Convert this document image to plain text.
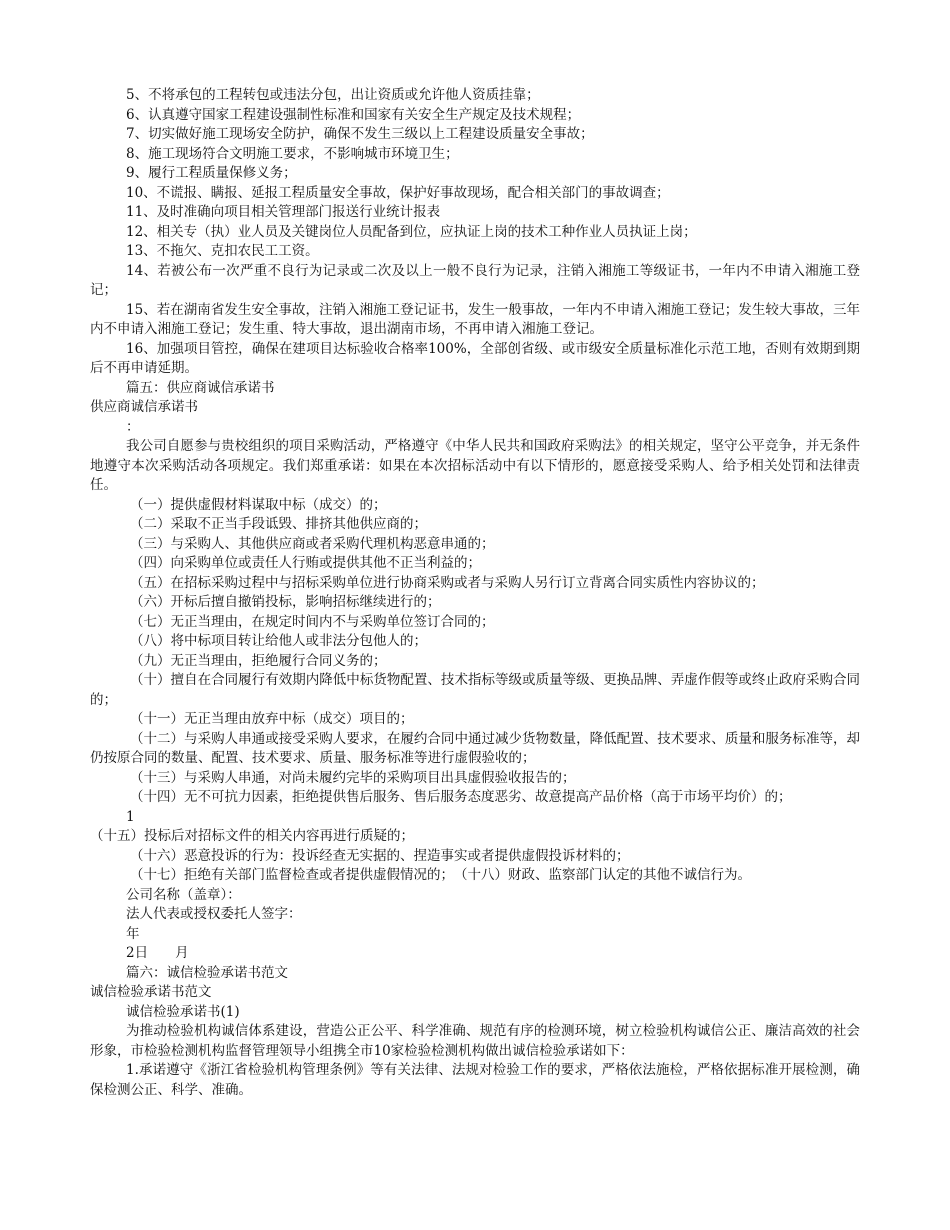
5、不将承包的工程转包或违法分包，出让资质或允许他人资质挂靠；

6、认真遵守国家工程建设强制性标准和国家有关安全生产规定及技术规程；

7、切实做好施工现场安全防护，确保不发生三级以上工程建设质量安全事故；

8、施工现场符合文明施工要求，不影响城市环境卫生；

9、履行工程质量保修义务；

10、不谎报、瞒报、延报工程质量安全事故，保护好事故现场，配合相关部门的事故调查；

11、及时准确向项目相关管理部门报送行业统计报表

12、相关专（执）业人员及关键岗位人员配备到位，应执证上岗的技术工种作业人员执证上岗；

13、不拖欠、克扣农民工工资。

14、若被公布一次严重不良行为记录或二次及以上一般不良行为记录，注销入湘施工等级证书，一年内不申请入湘施工登记；

15、若在湖南省发生安全事故，注销入湘施工登记证书，发生一般事故，一年内不申请入湘施工登记；发生较大事故，三年内不申请入湘施工登记；发生重、特大事故，退出湖南市场，不再申请入湘施工登记。

16、加强项目管控，确保在建项目达标验收合格率100%，全部创省级、或市级安全质量标准化示范工地，否则有效期到期后不再申请延期。

篇五：供应商诚信承诺书

供应商诚信承诺书

：

我公司自愿参与贵校组织的项目采购活动，严格遵守《中华人民共和国政府采购法》的相关规定，坚守公平竞争，并无条件地遵守本次采购活动各项规定。我们郑重承诺：如果在本次招标活动中有以下情形的，愿意接受采购人、给予相关处罚和法律责任。

（一）提供虚假材料谋取中标（成交）的；

（二）采取不正当手段诋毁、排挤其他供应商的；

（三）与采购人、其他供应商或者采购代理机构恶意串通的；

（四）向采购单位或责任人行贿或提供其他不正当利益的；

（五）在招标采购过程中与招标采购单位进行协商采购或者与采购人另行订立背离合同实质性内容协议的；

（六）开标后擅自撤销投标，影响招标继续进行的；

（七）无正当理由，在规定时间内不与采购单位签订合同的；

（八）将中标项目转让给他人或非法分包他人的；

（九）无正当理由，拒绝履行合同义务的；

（十）擅自在合同履行有效期内降低中标货物配置、技术指标等级或质量等级、更换品牌、弄虚作假等或终止政府采购合同的；

（十一）无正当理由放弃中标（成交）项目的；

（十二）与采购人串通或接受采购人要求，在履约合同中通过减少货物数量，降低配置、技术要求、质量和服务标准等，却仍按原合同的数量、配置、技术要求、质量、服务标准等进行虚假验收的；

（十三）与采购人串通，对尚未履约完毕的采购项目出具虚假验收报告的；

（十四）无不可抗力因素，拒绝提供售后服务、售后服务态度恶劣、故意提高产品价格（高于市场平均价）的；

1

（十五）投标后对招标文件的相关内容再进行质疑的；

（十六）恶意投诉的行为：投诉经查无实据的、捏造事实或者提供虚假投诉材料的；

（十七）拒绝有关部门监督检查或者提供虚假情况的；　（十八）财政、监察部门认定的其他不诚信行为。

公司名称（盖章）：

法人代表或授权委托人签字：

年

2日　　月

篇六：诚信检验承诺书范文

诚信检验承诺书范文

诚信检验承诺书(1)

为推动检验机构诚信体系建设，营造公正公平、科学准确、规范有序的检测环境，树立检验机构诚信公正、廉洁高效的社会形象，市检验检测机构监督管理领导小组携全市10家检验检测机构做出诚信检验承诺如下：

1.承诺遵守《浙江省检验机构管理条例》等有关法律、法规对检验工作的要求，严格依法施检，严格依据标准开展检测，确保检测公正、科学、准确。
